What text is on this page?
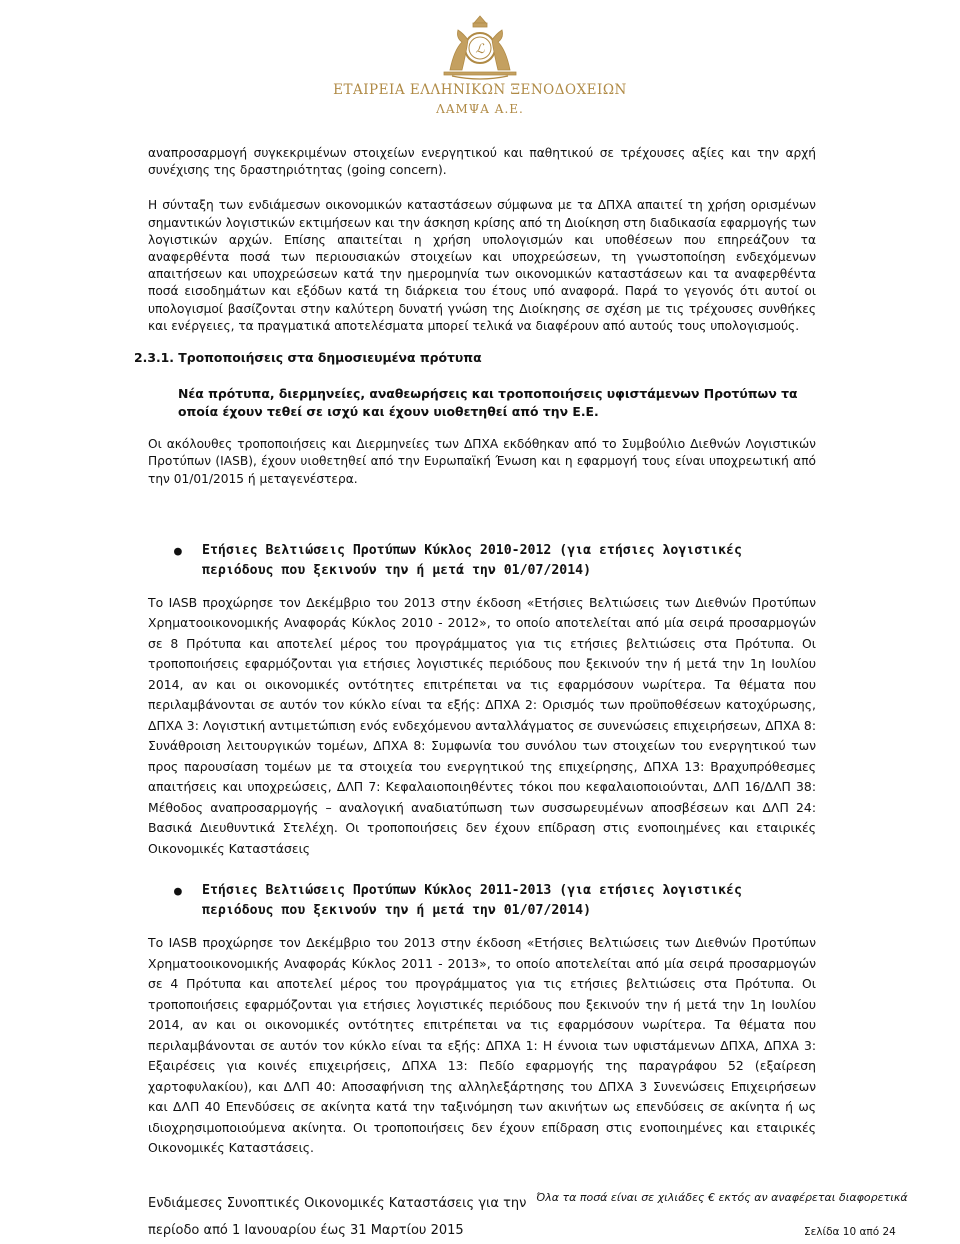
ℒ
ΕΤΑΙΡΕΙΑ ΕΛΛΗΝΙΚΩΝ ΞΕΝΟΔΟΧΕΙΩΝ
ΛΑΜΨΑ Α.Ε.

αναπροσαρμογή συγκεκριμένων στοιχείων ενεργητικού και παθητικού σε τρέχουσες αξίες και την αρχή συνέχισης της δραστηριότητας (going concern).

Η σύνταξη των ενδιάμεσων οικονομικών καταστάσεων σύμφωνα με τα ΔΠΧΑ απαιτεί τη χρήση ορισμένων σημαντικών λογιστικών εκτιμήσεων και την άσκηση κρίσης από τη Διοίκηση στη διαδικασία εφαρμογής των λογιστικών αρχών. Επίσης απαιτείται η χρήση υπολογισμών και υποθέσεων που επηρεάζουν τα αναφερθέντα ποσά των περιουσιακών στοιχείων και υποχρεώσεων, τη γνωστοποίηση ενδεχόμενων απαιτήσεων και υποχρεώσεων κατά την ημερομηνία των οικονομικών καταστάσεων και τα αναφερθέντα ποσά εισοδημάτων και εξόδων κατά τη διάρκεια του έτους υπό αναφορά. Παρά το γεγονός ότι αυτοί οι υπολογισμοί βασίζονται στην καλύτερη δυνατή γνώση της Διοίκησης σε σχέση με τις τρέχουσες συνθήκες και ενέργειες, τα πραγματικά αποτελέσματα μπορεί τελικά να διαφέρουν από αυτούς τους υπολογισμούς.

2.3.1. Τροποποιήσεις στα δημοσιευμένα πρότυπα
Νέα πρότυπα, διερμηνείες, αναθεωρήσεις και τροποποιήσεις υφιστάμενων Προτύπων τα οποία έχουν τεθεί σε ισχύ και έχουν υιοθετηθεί από την Ε.Ε.

Οι ακόλουθες τροποποιήσεις και Διερμηνείες των ΔΠΧΑ εκδόθηκαν από το Συμβούλιο Διεθνών Λογιστικών Προτύπων (IASB), έχουν υιοθετηθεί από την Ευρωπαϊκή Ένωση και η εφαρμογή τους είναι υποχρεωτική από την 01/01/2015 ή μεταγενέστερα.

● Ετήσιες Βελτιώσεις Προτύπων Κύκλος 2010-2012 (για ετήσιες λογιστικές περιόδους που ξεκινούν την ή μετά την 01/07/2014)

Το IASB προχώρησε τον Δεκέμβριο του 2013 στην έκδοση «Ετήσιες Βελτιώσεις των Διεθνών Προτύπων Χρηματοοικονομικής Αναφοράς Κύκλος 2010 - 2012», το οποίο αποτελείται από μία σειρά προσαρμογών σε 8 Πρότυπα και αποτελεί μέρος του προγράμματος για τις ετήσιες βελτιώσεις στα Πρότυπα. Οι τροποποιήσεις εφαρμόζονται για ετήσιες λογιστικές περιόδους που ξεκινούν την ή μετά την 1η Ιουλίου 2014, αν και οι οικονομικές οντότητες επιτρέπεται να τις εφαρμόσουν νωρίτερα. Τα θέματα που περιλαμβάνονται σε αυτόν τον κύκλο είναι τα εξής: ΔΠΧΑ 2: Ορισμός των προϋποθέσεων κατοχύρωσης, ΔΠΧΑ 3: Λογιστική αντιμετώπιση ενός ενδεχόμενου ανταλλάγματος σε συνενώσεις επιχειρήσεων, ΔΠΧΑ 8: Συνάθροιση λειτουργικών τομέων, ΔΠΧΑ 8: Συμφωνία του συνόλου των στοιχείων του ενεργητικού των προς παρουσίαση τομέων με τα στοιχεία του ενεργητικού της επιχείρησης, ΔΠΧΑ 13: Βραχυπρόθεσμες απαιτήσεις και υποχρεώσεις, ΔΛΠ 7: Κεφαλαιοποιηθέντες τόκοι που κεφαλαιοποιούνται, ΔΛΠ 16/ΔΛΠ 38: Μέθοδος αναπροσαρμογής – αναλογική αναδιατύπωση των συσσωρευμένων αποσβέσεων και ΔΛΠ 24: Βασικά Διευθυντικά Στελέχη. Οι τροποποιήσεις δεν έχουν επίδραση στις ενοποιημένες και εταιρικές Οικονομικές Καταστάσεις

● Ετήσιες Βελτιώσεις Προτύπων Κύκλος 2011-2013 (για ετήσιες λογιστικές περιόδους που ξεκινούν την ή μετά την 01/07/2014)

Το IASB προχώρησε τον Δεκέμβριο του 2013 στην έκδοση «Ετήσιες Βελτιώσεις των Διεθνών Προτύπων Χρηματοοικονομικής Αναφοράς Κύκλος 2011 - 2013», το οποίο αποτελείται από μία σειρά προσαρμογών σε 4 Πρότυπα και αποτελεί μέρος του προγράμματος για τις ετήσιες βελτιώσεις στα Πρότυπα. Οι τροποποιήσεις εφαρμόζονται για ετήσιες λογιστικές περιόδους που ξεκινούν την ή μετά την 1η Ιουλίου 2014, αν και οι οικονομικές οντότητες επιτρέπεται να τις εφαρμόσουν νωρίτερα. Τα θέματα που περιλαμβάνονται σε αυτόν τον κύκλο είναι τα εξής: ΔΠΧΑ 1: Η έννοια των υφιστάμενων ΔΠΧΑ, ΔΠΧΑ 3: Εξαιρέσεις για κοινές επιχειρήσεις, ΔΠΧΑ 13: Πεδίο εφαρμογής της παραγράφου 52 (εξαίρεση χαρτοφυλακίου), και ΔΛΠ 40: Αποσαφήνιση της αλληλεξάρτησης του ΔΠΧΑ 3 Συνενώσεις Επιχειρήσεων και ΔΛΠ 40 Επενδύσεις σε ακίνητα κατά την ταξινόμηση των ακινήτων ως επενδύσεις σε ακίνητα ή ως ιδιοχρησιμοποιούμενα ακίνητα. Οι τροποποιήσεις δεν έχουν επίδραση στις ενοποιημένες και εταιρικές Οικονομικές Καταστάσεις.

Ενδιάμεσες Συνοπτικές Οικονομικές Καταστάσεις για την
περίοδο από 1 Ιανουαρίου έως 31 Μαρτίου 2015
Όλα τα ποσά είναι σε χιλιάδες € εκτός αν αναφέρεται διαφορετικά
Σελίδα 10 από 24
